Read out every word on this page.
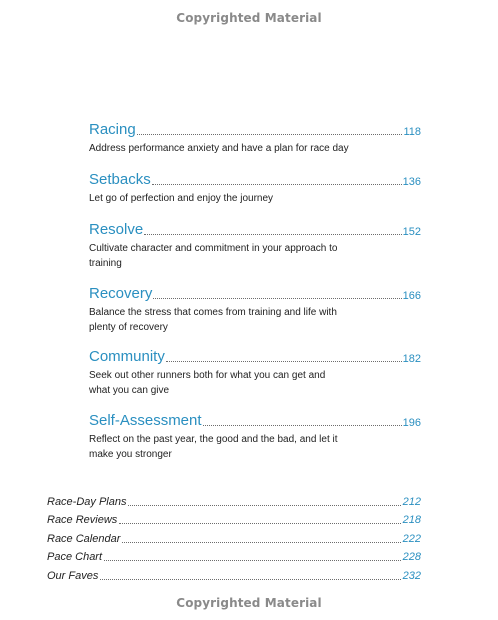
Copyrighted Material
Racing	118
Address performance anxiety and have a plan for race day
Setbacks	136
Let go of perfection and enjoy the journey
Resolve	152
Cultivate character and commitment in your approach to training
Recovery	166
Balance the stress that comes from training and life with plenty of recovery
Community	182
Seek out other runners both for what you can get and what you can give
Self-Assessment	196
Reflect on the past year, the good and the bad, and let it make you stronger
Race-Day Plans	212
Race Reviews	218
Race Calendar	222
Pace Chart	228
Our Faves	232
Copyrighted Material
